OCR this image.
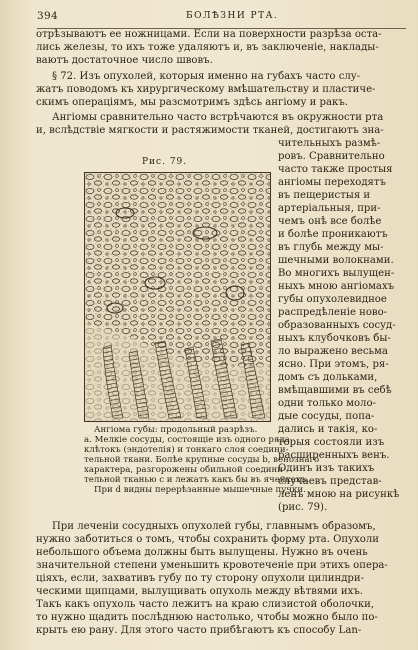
394	БОЛѢЗНИ РТА.
отрѣзываютъ ее ножницами. Если на поверхности разрѣза оста-
лись железы, то ихъ тоже удаляютъ и, въ заключеніе, наклады-
ваютъ достаточное число швовъ.
§ 72. Изъ опухолей, которыя именно на губахъ часто слу-
жатъ поводомъ къ хирургическому вмѣшательству и пластиче-
скимъ операціямъ, мы разсмотримъ здѣсь ангіому и ракъ.
Ангіомы сравнительно часто встрѣчаются въ окружности рта
и, вслѣдствіе мягкости и растяжимости тканей, достигаютъ зна-
Рис. 79.
Ангіома губы: продольный разрѣзъ.
a. Мелкіе сосуды, состоящіе изъ одного ряда
клѣтокъ (эндотелія) и тонкаго слоя соедини-
тельной ткани. Болѣе крупные сосуды b, венознаго
характера, разгорожены обильной соедини-
тельной тканью с и лежатъ какъ бы въ ячейкахъ.
При d видны перерѣзанные мышечные пучки.
чительныхъ размѣ-
ровъ. Сравнительно
часто также простыя
ангіомы переходятъ
въ пещеристыя и
артеріальныя, при-
чемъ онѣ все болѣе
и болѣе проникаютъ
въ глубь между мы-
шечными волокнами.
Во многихъ вылущен-
ныхъ мною ангіомахъ
губы опухолевидное
распредѣленіе ново-
образованныхъ сосуд-
ныхъ клубочковъ бы-
ло выражено весьма
ясно. При этомъ, ря-
домъ съ дольками,
вмѣщавшими въ себѣ
одни только моло-
дые сосуды, попа-
дались и такія, ко-
торыя состояли изъ
расширенныхъ венъ.
Одинъ изъ такихъ
случаевъ представ-
ленъ мною на рисункѣ
(рис. 79).
При леченіи сосудныхъ опухолей губы, главнымъ образомъ,
нужно заботиться о томъ, чтобы сохранить форму рта. Опухоли
небольшого объема должны быть вылущены. Нужно въ очень
значительной степени уменьшить кровотеченіе при этихъ опера-
ціяхъ, если, захвативъ губу по ту сторону опухоли цилиндри-
ческими щипцами, вылущивать опухоль между вѣтвями ихъ.
Такъ какъ опухоль часто лежитъ на краю слизистой оболочки,
то нужно щадить послѣднюю настолько, чтобы можно было по-
крыть ею рану. Для этого часто прибѣгаютъ къ способу Lan-
